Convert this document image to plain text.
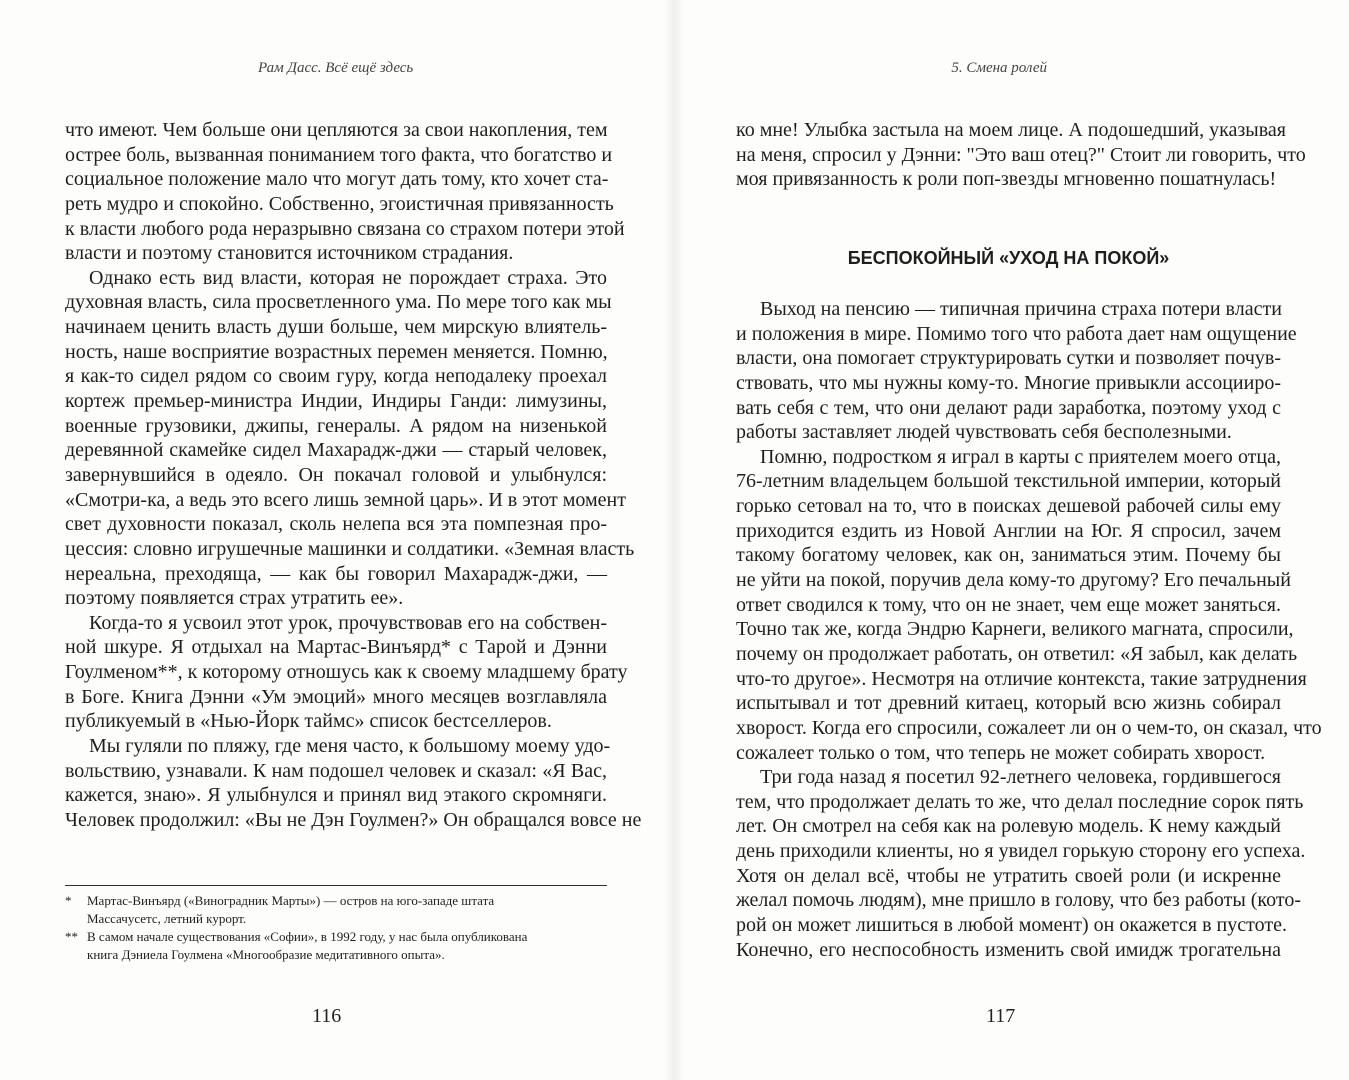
Рам Дасс. Всё ещё здесь
что имеют. Чем больше они цепляются за свои накопления, тем
острее боль, вызванная пониманием того факта, что богатство и
социальное положение мало что могут дать тому, кто хочет ста-
реть мудро и спокойно. Собственно, эгоистичная привязанность
к власти любого рода неразрывно связана со страхом потери этой
власти и поэтому становится источником страдания.
Однако есть вид власти, которая не порождает страха. Это
духовная власть, сила просветленного ума. По мере того как мы
начинаем ценить власть души больше, чем мирскую влиятель-
ность, наше восприятие возрастных перемен меняется. Помню,
я как-то сидел рядом со своим гуру, когда неподалеку проехал
кортеж премьер-министра Индии, Индиры Ганди: лимузины,
военные грузовики, джипы, генералы. А рядом на низенькой
деревянной скамейке сидел Махарадж-джи — старый человек,
завернувшийся в одеяло. Он покачал головой и улыбнулся:
«Смотри-ка, а ведь это всего лишь земной царь». И в этот момент
свет духовности показал, сколь нелепа вся эта помпезная про-
цессия: словно игрушечные машинки и солдатики. «Земная власть
нереальна, преходяща, — как бы говорил Махарадж-джи, —
поэтому появляется страх утратить ее».
Когда-то я усвоил этот урок, прочувствовав его на собствен-
ной шкуре. Я отдыхал на Мартас-Винъярд* с Тарой и Дэнни
Гоулменом**, к которому отношусь как к своему младшему брату
в Боге. Книга Дэнни «Ум эмоций» много месяцев возглавляла
публикуемый в «Нью-Йорк таймс» список бестселлеров.
Мы гуляли по пляжу, где меня часто, к большому моему удо-
вольствию, узнавали. К нам подошел человек и сказал: «Я Вас,
кажется, знаю». Я улыбнулся и принял вид этакого скромняги.
Человек продолжил: «Вы не Дэн Гоулмен?» Он обращался вовсе не
*	Мартас-Винъярд («Виноградник Марты») — остров на юго-западе штата
Массачусетс, летний курорт.
** В самом начале существования «Софии», в 1992 году, у нас была опубликована
книга Дэниела Гоулмена «Многообразие медитативного опыта».
116
5. Смена ролей
ко мне! Улыбка застыла на моем лице. А подошедший, указывая
на меня, спросил у Дэнни: "Это ваш отец?" Стоит ли говорить, что
моя привязанность к роли поп-звезды мгновенно пошатнулась!
БЕСПОКОЙНЫЙ «УХОД НА ПОКОЙ»
Выход на пенсию — типичная причина страха потери власти
и положения в мире. Помимо того что работа дает нам ощущение
власти, она помогает структурировать сутки и позволяет почув-
ствовать, что мы нужны кому-то. Многие привыкли ассоцииро-
вать себя с тем, что они делают ради заработка, поэтому уход с
работы заставляет людей чувствовать себя бесполезными.
Помню, подростком я играл в карты с приятелем моего отца,
76-летним владельцем большой текстильной империи, который
горько сетовал на то, что в поисках дешевой рабочей силы ему
приходится ездить из Новой Англии на Юг. Я спросил, зачем
такому богатому человек, как он, заниматься этим. Почему бы
не уйти на покой, поручив дела кому-то другому? Его печальный
ответ сводился к тому, что он не знает, чем еще может заняться.
Точно так же, когда Эндрю Карнеги, великого магната, спросили,
почему он продолжает работать, он ответил: «Я забыл, как делать
что-то другое». Несмотря на отличие контекста, такие затруднения
испытывал и тот древний китаец, который всю жизнь собирал
хворост. Когда его спросили, сожалеет ли он о чем-то, он сказал, что
сожалеет только о том, что теперь не может собирать хворост.
Три года назад я посетил 92-летнего человека, гордившегося
тем, что продолжает делать то же, что делал последние сорок пять
лет. Он смотрел на себя как на ролевую модель. К нему каждый
день приходили клиенты, но я увидел горькую сторону его успеха.
Хотя он делал всё, чтобы не утратить своей роли (и искренне
желал помочь людям), мне пришло в голову, что без работы (кото-
рой он может лишиться в любой момент) он окажется в пустоте.
Конечно, его неспособность изменить свой имидж трогательна
117
